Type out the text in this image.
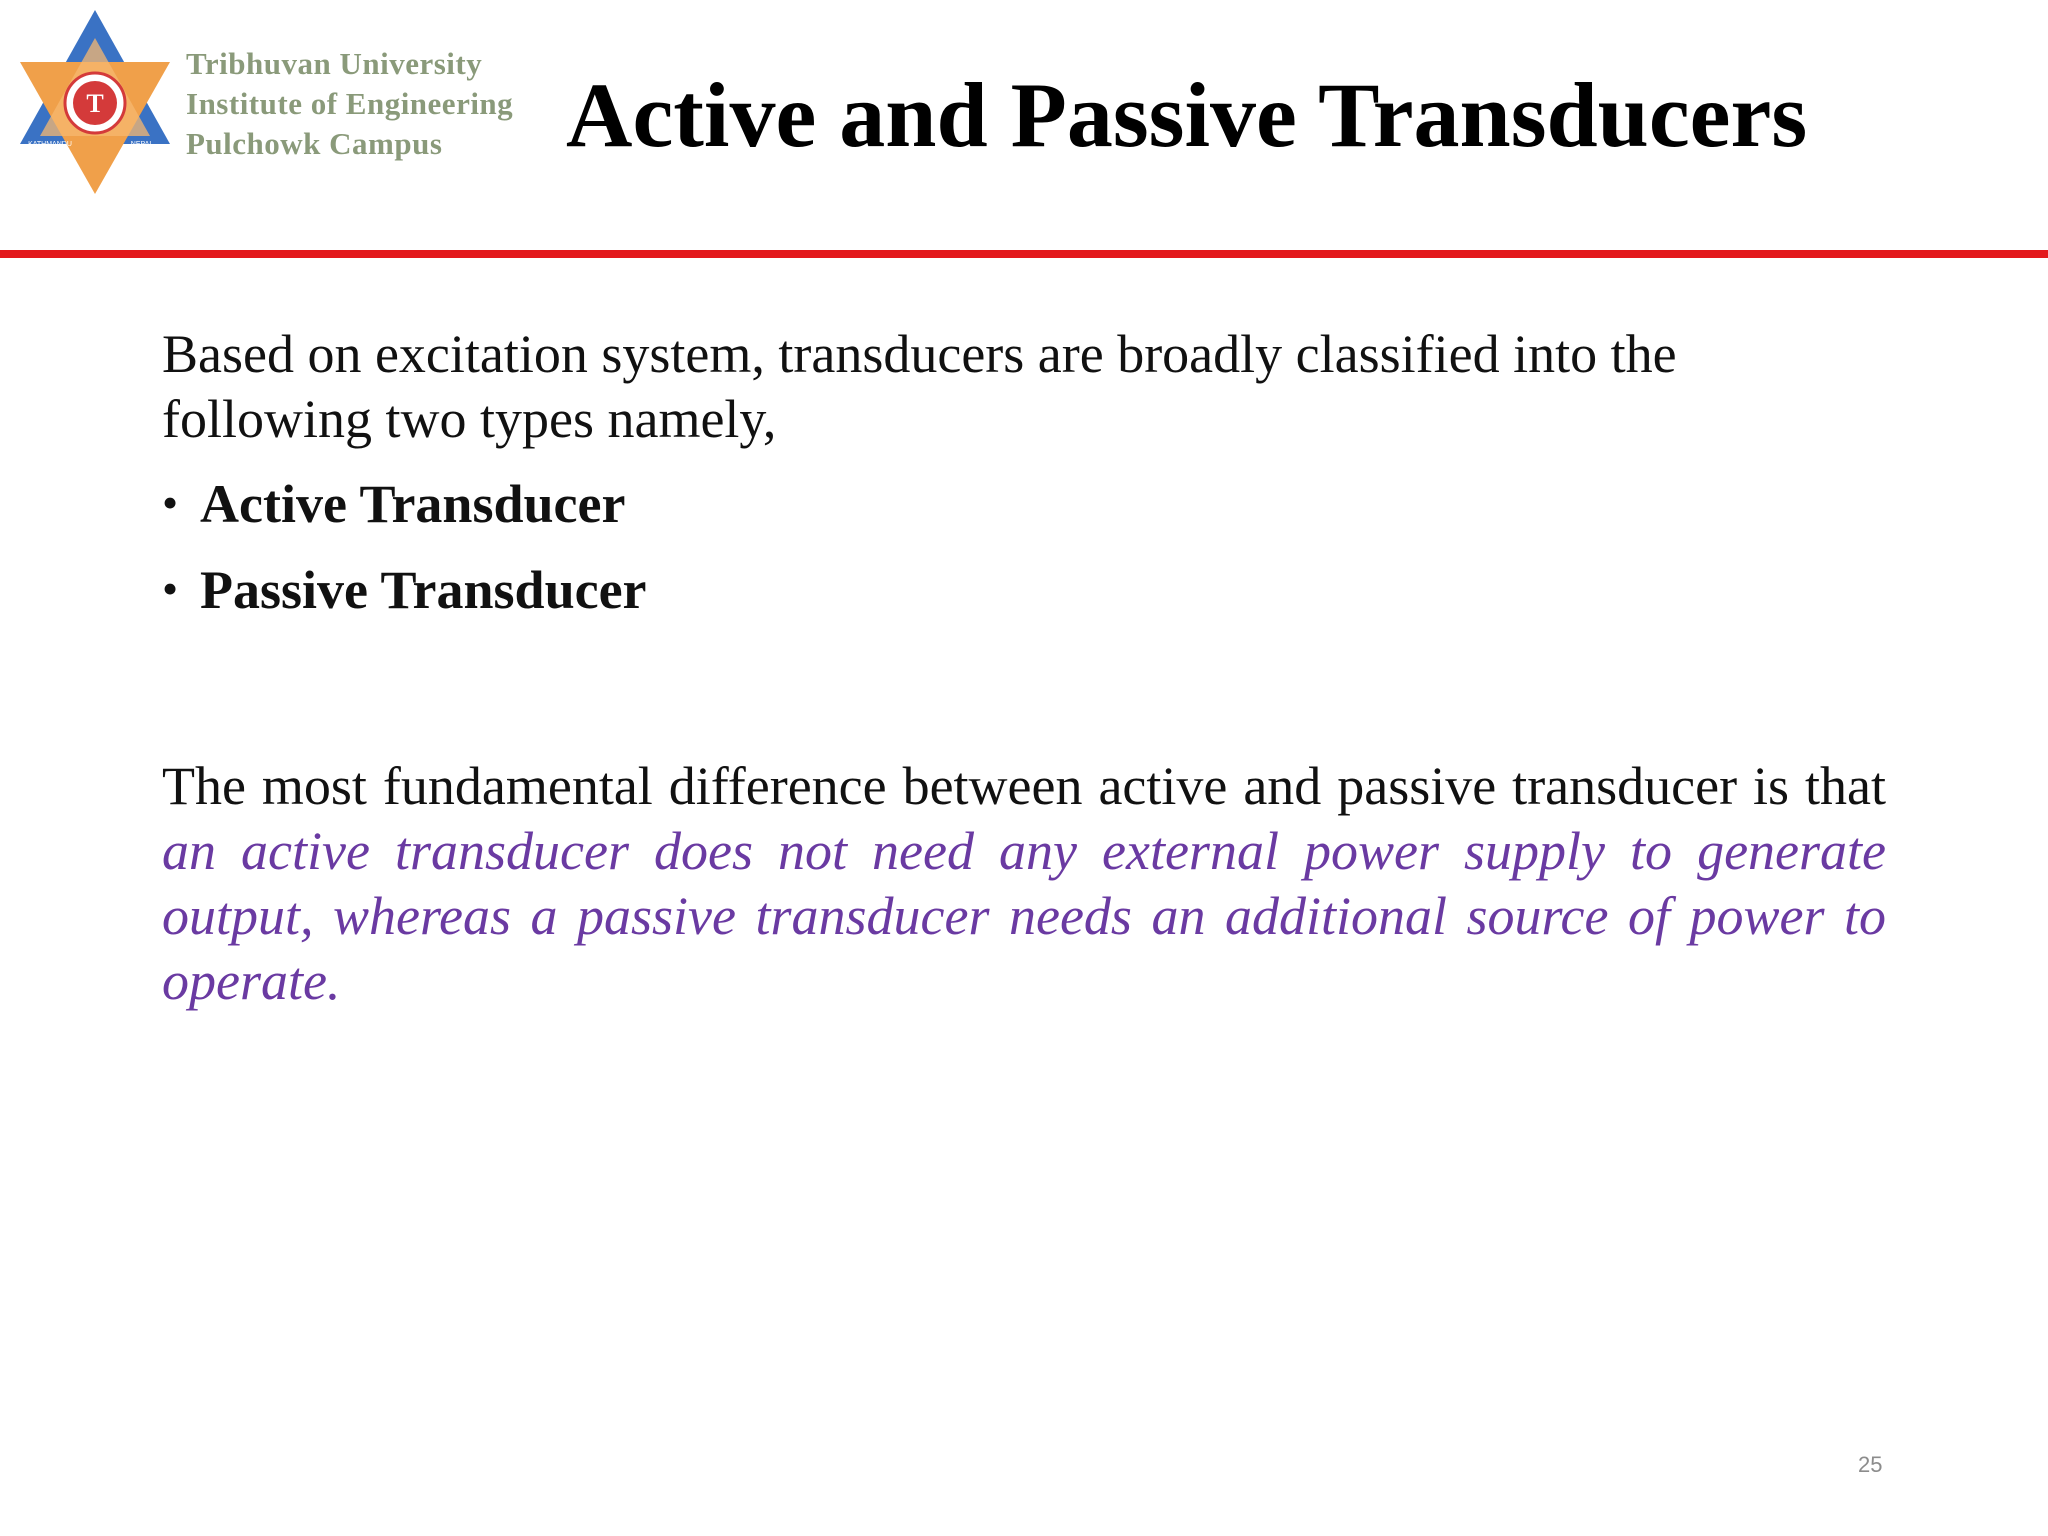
T
KATHMANDU	NEPAL
Tribhuvan University
Institute of Engineering
Pulchowk Campus	Active and Passive Transducers

Based on excitation system, transducers are broadly classified into the following two types namely,

• Active Transducer
• Passive Transducer

The most fundamental difference between active and passive transducer is that an active transducer does not need any external power supply to generate output, whereas a passive transducer needs an additional source of power to operate.

25
